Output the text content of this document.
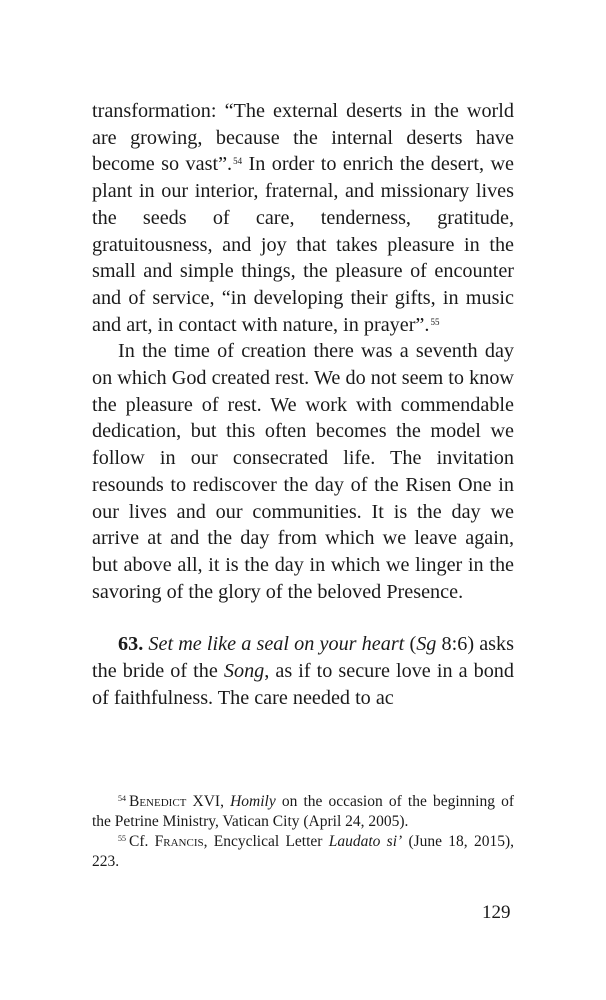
transformation: “The external deserts in the world are growing, because the internal deserts have become so vast”.$^{54}$ In order to enrich the desert, we plant in our interior, fraternal, and missionary lives the seeds of care, tenderness, gratitude, gratuitousness, and joy that takes pleasure in the small and simple things, the pleasure of encounter and of service, “in developing their gifts, in music and art, in contact with nature, in prayer”.$^{55}$

In the time of creation there was a seventh day on which God created rest. We do not seem to know the pleasure of rest. We work with commendable dedication, but this often becomes the model we follow in our consecrated life. The invitation resounds to rediscover the day of the Risen One in our lives and our communities. It is the day we arrive at and the day from which we leave again, but above all, it is the day in which we linger in the savoring of the glory of the beloved Presence.

63. Set me like a seal on your heart (Sg 8:6) asks the bride of the Song, as if to secure love in a bond of faithfulness. The care needed to ac

$^{54}$ Benedict XVI, Homily on the occasion of the beginning of the Petrine Ministry, Vatican City (April 24, 2005).

$^{55}$ Cf. Francis, Encyclical Letter Laudato si’ (June 18, 2015), 223.

129
